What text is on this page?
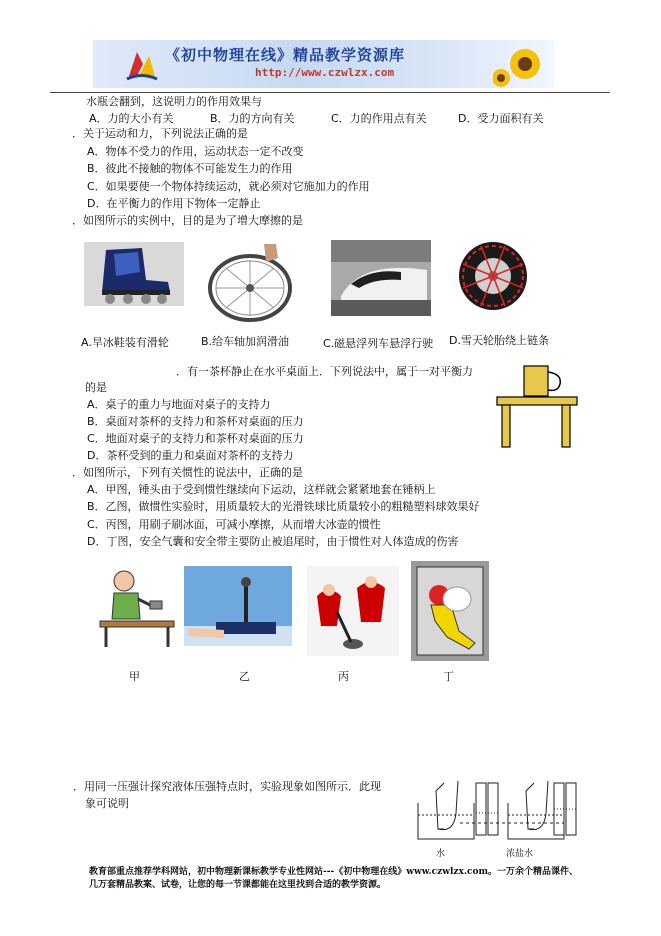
《初中物理在线》精品教学资源库
http://www.czwlzx.com
水瓶会翻到，这说明力的作用效果与
A．力的大小有关	B．力的方向有关	C．力的作用点有关	D．受力面积有关
．关于运动和力，下列说法正确的是
A．物体不受力的作用，运动状态一定不改变
B．彼此不接触的物体不可能发生力的作用
C．如果要使一个物体持续运动，就必须对它施加力的作用
D．在平衡力的作用下物体一定静止
．如图所示的实例中，目的是为了增大摩擦的是
A.旱冰鞋装有滑轮	B.给车轴加润滑油	C.磁悬浮列车悬浮行驶 D.雪天轮胎绕上链条
．有一茶杯静止在水平桌面上．下列说法中，属于一对平衡力
的是
A．桌子的重力与地面对桌子的支持力
B．桌面对茶杯的支持力和茶杯对桌面的压力
C．地面对桌子的支持力和茶杯对桌面的压力
D．茶杯受到的重力和桌面对茶杯的支持力
．如图所示，下列有关惯性的说法中，正确的是
A．甲图，锤头由于受到惯性继续向下运动，这样就会紧紧地套在锤柄上
B．乙图，做惯性实验时，用质量较大的光滑铁球比质量较小的粗糙塑料球效果好
C．丙图，用刷子刷冰面，可减小摩擦，从而增大冰壶的惯性
D．丁图，安全气囊和安全带主要防止被追尾时，由于惯性对人体造成的伤害
甲	乙	丙	丁
．用同一压强计探究液体压强特点时，实验现象如图所示．此现
象可说明
水	浓盐水
教育部重点推荐学科网站，初中物理新课标教学专业性网站---《初中物理在线》www.czwlzx.com。一万余个精品课件、
几万套精品教案、试卷，让您的每一节课都能在这里找到合适的教学资源。
